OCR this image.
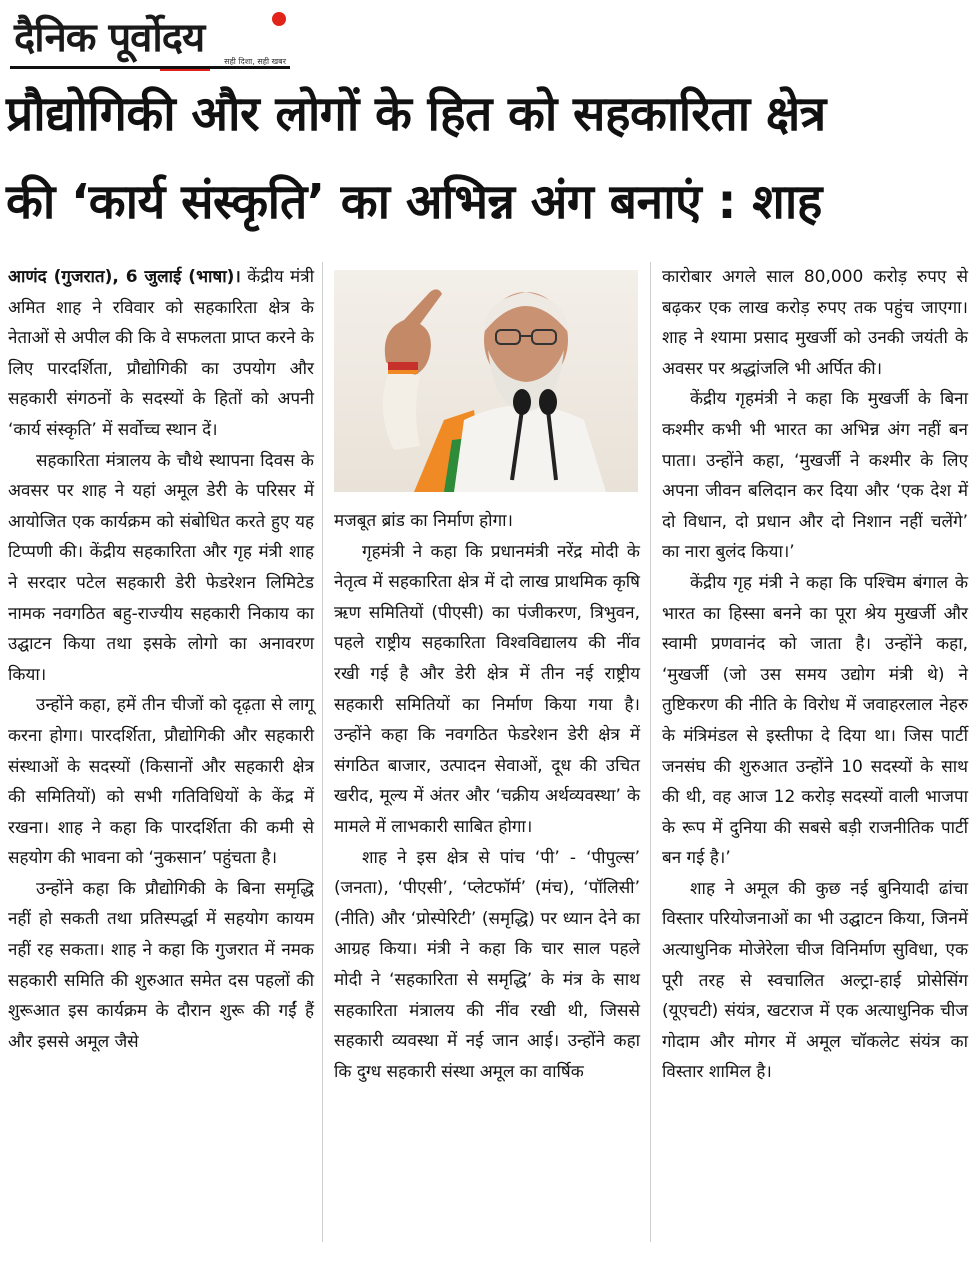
दैनिक पूर्वोदय
सही दिशा, सही खबर
प्रौद्योगिकी और लोगों के हित को सहकारिता क्षेत्र
की ‘कार्य संस्कृति’ का अभिन्न अंग बनाएं : शाह

आणंद (गुजरात), 6 जुलाई (भाषा)। केंद्रीय मंत्री अमित शाह ने रविवार को सहकारिता क्षेत्र के नेताओं से अपील की कि वे सफलता प्राप्त करने के लिए पारदर्शिता, प्रौद्योगिकी का उपयोग और सहकारी संगठनों के सदस्यों के हितों को अपनी ‘कार्य संस्कृति’ में सर्वोच्च स्थान दें।

सहकारिता मंत्रालय के चौथे स्थापना दिवस के अवसर पर शाह ने यहां अमूल डेरी के परिसर में आयोजित एक कार्यक्रम को संबोधित करते हुए यह टिप्पणी की। केंद्रीय सहकारिता और गृह मंत्री शाह ने सरदार पटेल सहकारी डेरी फेडरेशन लिमिटेड नामक नवगठित बहु-राज्यीय सहकारी निकाय का उद्घाटन किया तथा इसके लोगो का अनावरण किया।

उन्होंने कहा, हमें तीन चीजों को दृढ़ता से लागू करना होगा। पारदर्शिता, प्रौद्योगिकी और सहकारी संस्थाओं के सदस्यों (किसानों और सहकारी क्षेत्र की समितियों) को सभी गतिविधियों के केंद्र में रखना। शाह ने कहा कि पारदर्शिता की कमी से सहयोग की भावना को ‘नुकसान’ पहुंचता है।

उन्होंने कहा कि प्रौद्योगिकी के बिना समृद्धि नहीं हो सकती तथा प्रतिस्पर्द्धा में सहयोग कायम नहीं रह सकता। शाह ने कहा कि गुजरात में नमक सहकारी समिति की शुरुआत समेत दस पहलों की शुरूआत इस कार्यक्रम के दौरान शुरू की गईं हैं और इससे अमूल जैसे

मजबूत ब्रांड का निर्माण होगा।

गृहमंत्री ने कहा कि प्रधानमंत्री नरेंद्र मोदी के नेतृत्व में सहकारिता क्षेत्र में दो लाख प्राथमिक कृषि ऋण समितियों (पीएसी) का पंजीकरण, त्रिभुवन, पहले राष्ट्रीय सहकारिता विश्वविद्यालय की नींव रखी गई है और डेरी क्षेत्र में तीन नई राष्ट्रीय सहकारी समितियों का निर्माण किया गया है। उन्होंने कहा कि नवगठित फेडरेशन डेरी क्षेत्र में संगठित बाजार, उत्पादन सेवाओं, दूध की उचित खरीद, मूल्य में अंतर और ‘चक्रीय अर्थव्यवस्था’ के मामले में लाभकारी साबित होगा।

शाह ने इस क्षेत्र से पांच ‘पी’ - ‘पीपुल्स’ (जनता), ‘पीएसी’, ‘प्लेटफॉर्म’ (मंच), ‘पॉलिसी’ (नीति) और ‘प्रोस्पेरिटी’ (समृद्धि) पर ध्यान देने का आग्रह किया। मंत्री ने कहा कि चार साल पहले मोदी ने ‘सहकारिता से समृद्धि’ के मंत्र के साथ सहकारिता मंत्रालय की नींव रखी थी, जिससे सहकारी व्यवस्था में नई जान आई। उन्होंने कहा कि दुग्ध सहकारी संस्था अमूल का वार्षिक

कारोबार अगले साल 80,000 करोड़ रुपए से बढ़कर एक लाख करोड़ रुपए तक पहुंच जाएगा। शाह ने श्यामा प्रसाद मुखर्जी को उनकी जयंती के अवसर पर श्रद्धांजलि भी अर्पित की।

केंद्रीय गृहमंत्री ने कहा कि मुखर्जी के बिना कश्मीर कभी भी भारत का अभिन्न अंग नहीं बन पाता। उन्होंने कहा, ‘मुखर्जी ने कश्मीर के लिए अपना जीवन बलिदान कर दिया और ‘एक देश में दो विधान, दो प्रधान और दो निशान नहीं चलेंगे’ का नारा बुलंद किया।’

केंद्रीय गृह मंत्री ने कहा कि पश्चिम बंगाल के भारत का हिस्सा बनने का पूरा श्रेय मुखर्जी और स्वामी प्रणवानंद को जाता है। उन्होंने कहा, ‘मुखर्जी (जो उस समय उद्योग मंत्री थे) ने तुष्टिकरण की नीति के विरोध में जवाहरलाल नेहरु के मंत्रिमंडल से इस्तीफा दे दिया था। जिस पार्टी जनसंघ की शुरुआत उन्होंने 10 सदस्यों के साथ की थी, वह आज 12 करोड़ सदस्यों वाली भाजपा के रूप में दुनिया की सबसे बड़ी राजनीतिक पार्टी बन गई है।’

शाह ने अमूल की कुछ नई बुनियादी ढांचा विस्तार परियोजनाओं का भी उद्घाटन किया, जिनमें अत्याधुनिक मोजेरेला चीज विनिर्माण सुविधा, एक पूरी तरह से स्वचालित अल्ट्रा-हाई प्रोसेसिंग (यूएचटी) संयंत्र, खटराज में एक अत्याधुनिक चीज गोदाम और मोगर में अमूल चॉकलेट संयंत्र का विस्तार शामिल है।
